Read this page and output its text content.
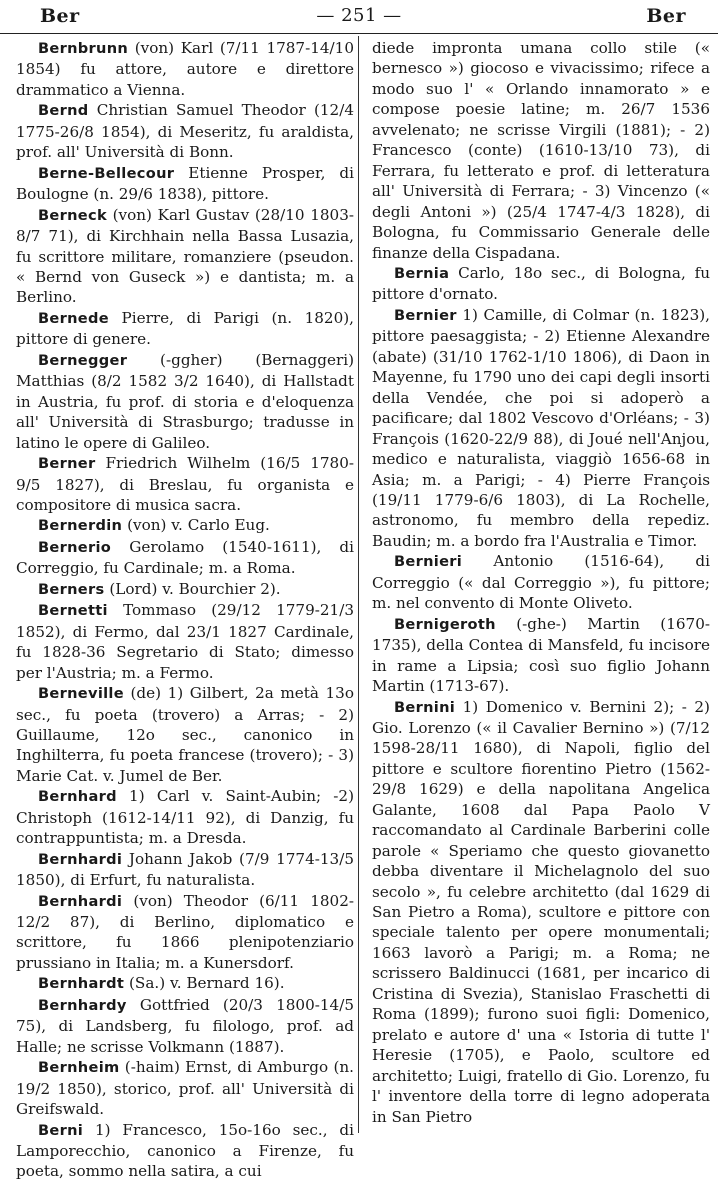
Ber	— 251 —	Ber

Bernbrunn (von) Karl (7/11 1787-14/10 1854) fu attore, autore e direttore drammatico a Vienna.

Bernd Christian Samuel Theodor (12/4 1775-26/8 1854), di Meseritz, fu araldista, prof. all' Università di Bonn.

Berne-Bellecour Etienne Prosper, di Boulogne (n. 29/6 1838), pittore.

Berneck (von) Karl Gustav (28/10 1803-8/7 71), di Kirchhain nella Bassa Lusazia, fu scrittore militare, romanziere (pseudon. « Bernd von Guseck ») e dantista; m. a Berlino.

Bernede Pierre, di Parigi (n. 1820), pittore di genere.

Bernegger (-ggher) (Bernaggeri) Matthias (8/2 1582 3/2 1640), di Hallstadt in Austria, fu prof. di storia e d'eloquenza all' Università di Strasburgo; tradusse in latino le opere di Galileo.

Berner Friedrich Wilhelm (16/5 1780-9/5 1827), di Breslau, fu organista e compositore di musica sacra.

Bernerdin (von) v. Carlo Eug.

Bernerio Gerolamo (1540-1611), di Correggio, fu Cardinale; m. a Roma.

Berners (Lord) v. Bourchier 2).

Bernetti Tommaso (29/12 1779-21/3 1852), di Fermo, dal 23/1 1827 Cardinale, fu 1828-36 Segretario di Stato; dimesso per l'Austria; m. a Fermo.

Berneville (de) 1) Gilbert, 2a metà 13o sec., fu poeta (trovero) a Arras; - 2) Guillaume, 12o sec., canonico in Inghilterra, fu poeta francese (trovero); - 3) Marie Cat. v. Jumel de Ber.

Bernhard 1) Carl v. Saint-Aubin; -2) Christoph (1612-14/11 92), di Danzig, fu contrappuntista; m. a Dresda.

Bernhardi Johann Jakob (7/9 1774-13/5 1850), di Erfurt, fu naturalista.

Bernhardi (von) Theodor (6/11 1802-12/2 87), di Berlino, diplomatico e scrittore, fu 1866 plenipotenziario prussiano in Italia; m. a Kunersdorf.

Bernhardt (Sa.) v. Bernard 16).

Bernhardy Gottfried (20/3 1800-14/5 75), di Landsberg, fu filologo, prof. ad Halle; ne scrisse Volkmann (1887).

Bernheim (-haim) Ernst, di Amburgo (n. 19/2 1850), storico, prof. all' Università di Greifswald.

Berni 1) Francesco, 15o-16o sec., di Lamporecchio, canonico a Firenze, fu poeta, sommo nella satira, a cui

diede impronta umana collo stile (« bernesco ») giocoso e vivacissimo; rifece a modo suo l' « Orlando innamorato » e compose poesie latine; m. 26/7 1536 avvelenato; ne scrisse Virgili (1881); - 2) Francesco (conte) (1610-13/10 73), di Ferrara, fu letterato e prof. di letteratura all' Università di Ferrara; - 3) Vincenzo (« degli Antoni ») (25/4 1747-4/3 1828), di Bologna, fu Commissario Generale delle finanze della Cispadana.

Bernia Carlo, 18o sec., di Bologna, fu pittore d'ornato.

Bernier 1) Camille, di Colmar (n. 1823), pittore paesaggista; - 2) Etienne Alexandre (abate) (31/10 1762-1/10 1806), di Daon in Mayenne, fu 1790 uno dei capi degli insorti della Vendée, che poi si adoperò a pacificare; dal 1802 Vescovo d'Orléans; - 3) François (1620-22/9 88), di Joué nell'Anjou, medico e naturalista, viaggiò 1656-68 in Asia; m. a Parigi; - 4) Pierre François (19/11 1779-6/6 1803), di La Rochelle, astronomo, fu membro della repediz. Baudin; m. a bordo fra l'Australia e Timor.

Bernieri Antonio (1516-64), di Correggio (« dal Correggio »), fu pittore; m. nel convento di Monte Oliveto.

Bernigeroth (-ghe-) Martin (1670-1735), della Contea di Mansfeld, fu incisore in rame a Lipsia; così suo figlio Johann Martin (1713-67).

Bernini 1) Domenico v. Bernini 2); - 2) Gio. Lorenzo (« il Cavalier Bernino ») (7/12 1598-28/11 1680), di Napoli, figlio del pittore e scultore fiorentino Pietro (1562-29/8 1629) e della napolitana Angelica Galante, 1608 dal Papa Paolo V raccomandato al Cardinale Barberini colle parole « Speriamo che questo giovanetto debba diventare il Michelagnolo del suo secolo », fu celebre architetto (dal 1629 di San Pietro a Roma), scultore e pittore con speciale talento per opere monumentali; 1663 lavorò a Parigi; m. a Roma; ne scrissero Baldinucci (1681, per incarico di Cristina di Svezia), Stanislao Fraschetti di Roma (1899); furono suoi figli: Domenico, prelato e autore d' una « Istoria di tutte l' Heresie (1705), e Paolo, scultore ed architetto; Luigi, fratello di Gio. Lorenzo, fu l' inventore della torre di legno adoperata in San Pietro
